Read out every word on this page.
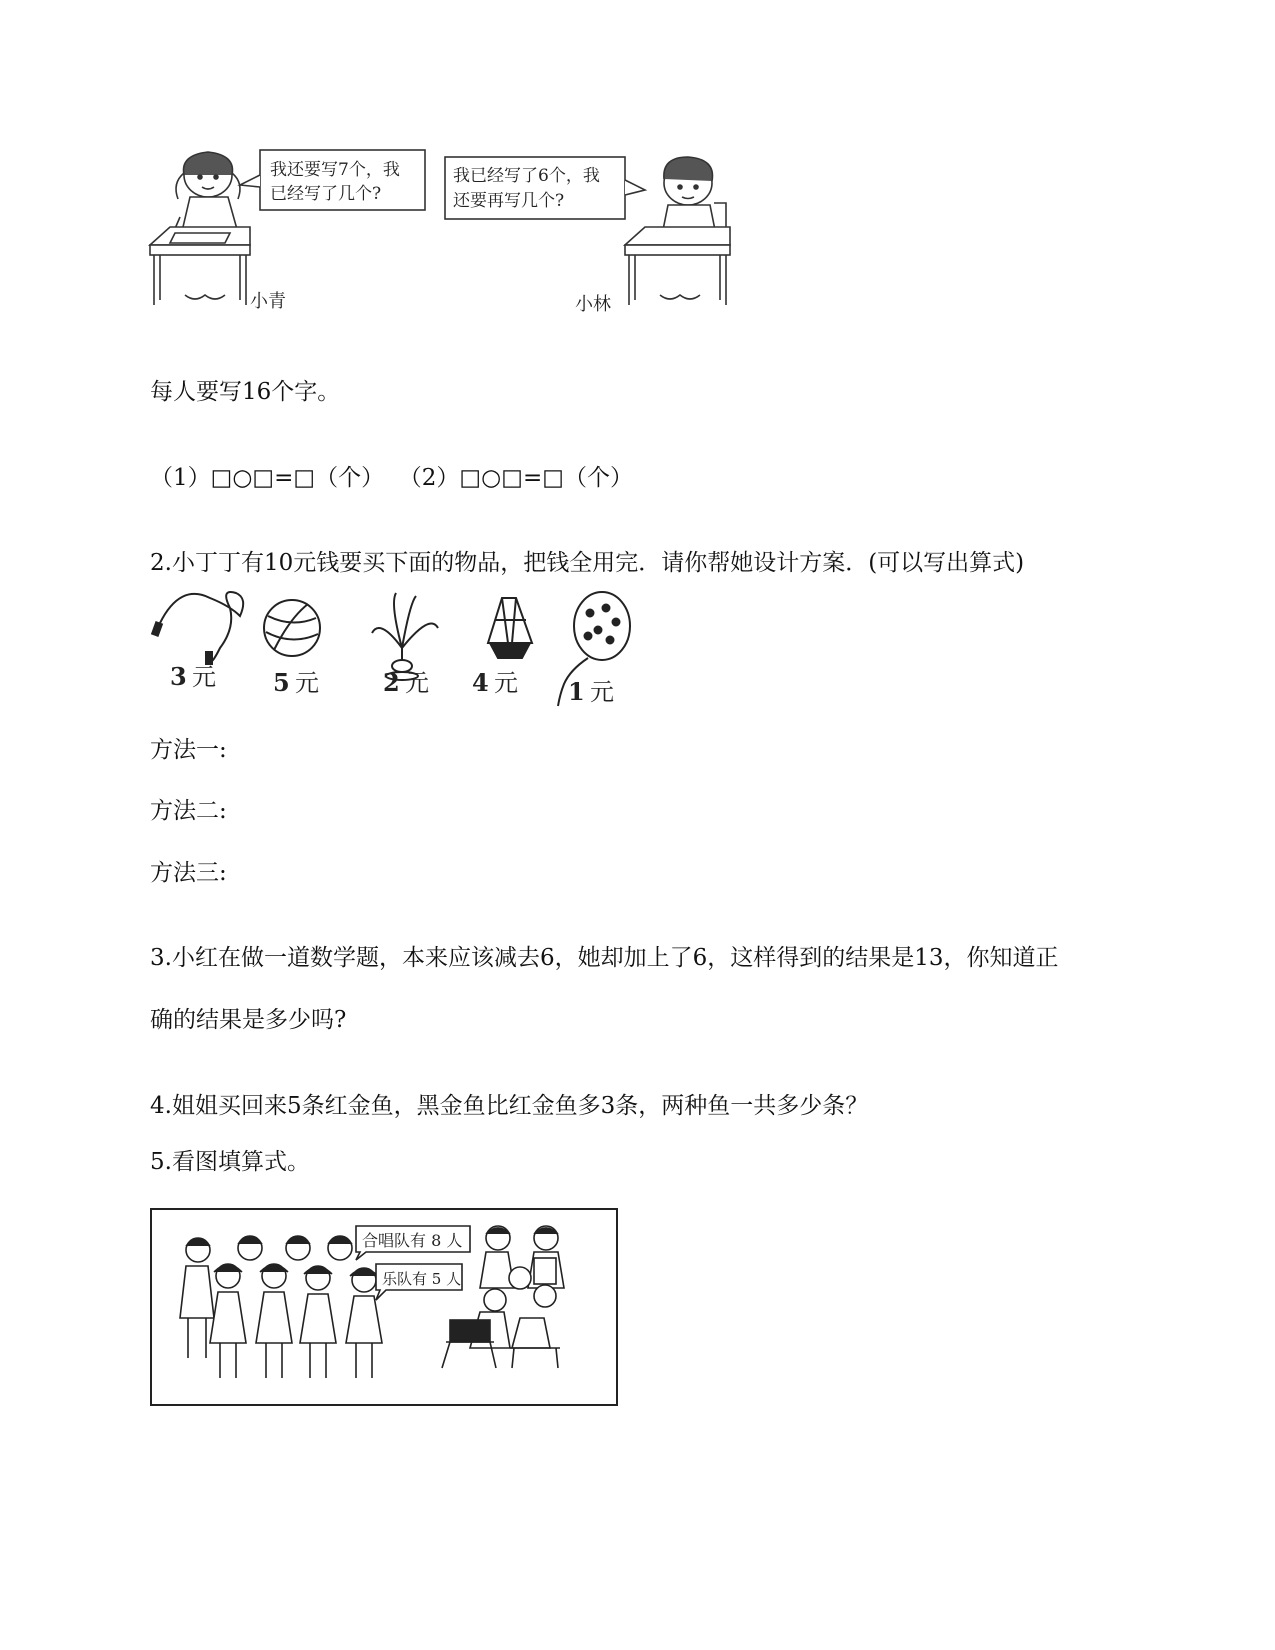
我还要写7个，我
已经写了几个?
我已经写了6个，我
还要再写几个?
小青	小林
每人要写16个字。
（1）□○□=□（个）  （2）□○□=□（个）
2.小丁丁有10元钱要买下面的物品，把钱全用完．请你帮她设计方案．(可以写出算式)
3 元 5 元	2 元 4 元 1 元
方法一:
方法二:
方法三:
3.小红在做一道数学题，本来应该减去6，她却加上了6，这样得到的结果是13，你知道正
确的结果是多少吗?
4.姐姐买回来5条红金鱼，黑金鱼比红金鱼多3条，两种鱼一共多少条？
5.看图填算式。
合唱队有 8 人
乐队有 5 人
